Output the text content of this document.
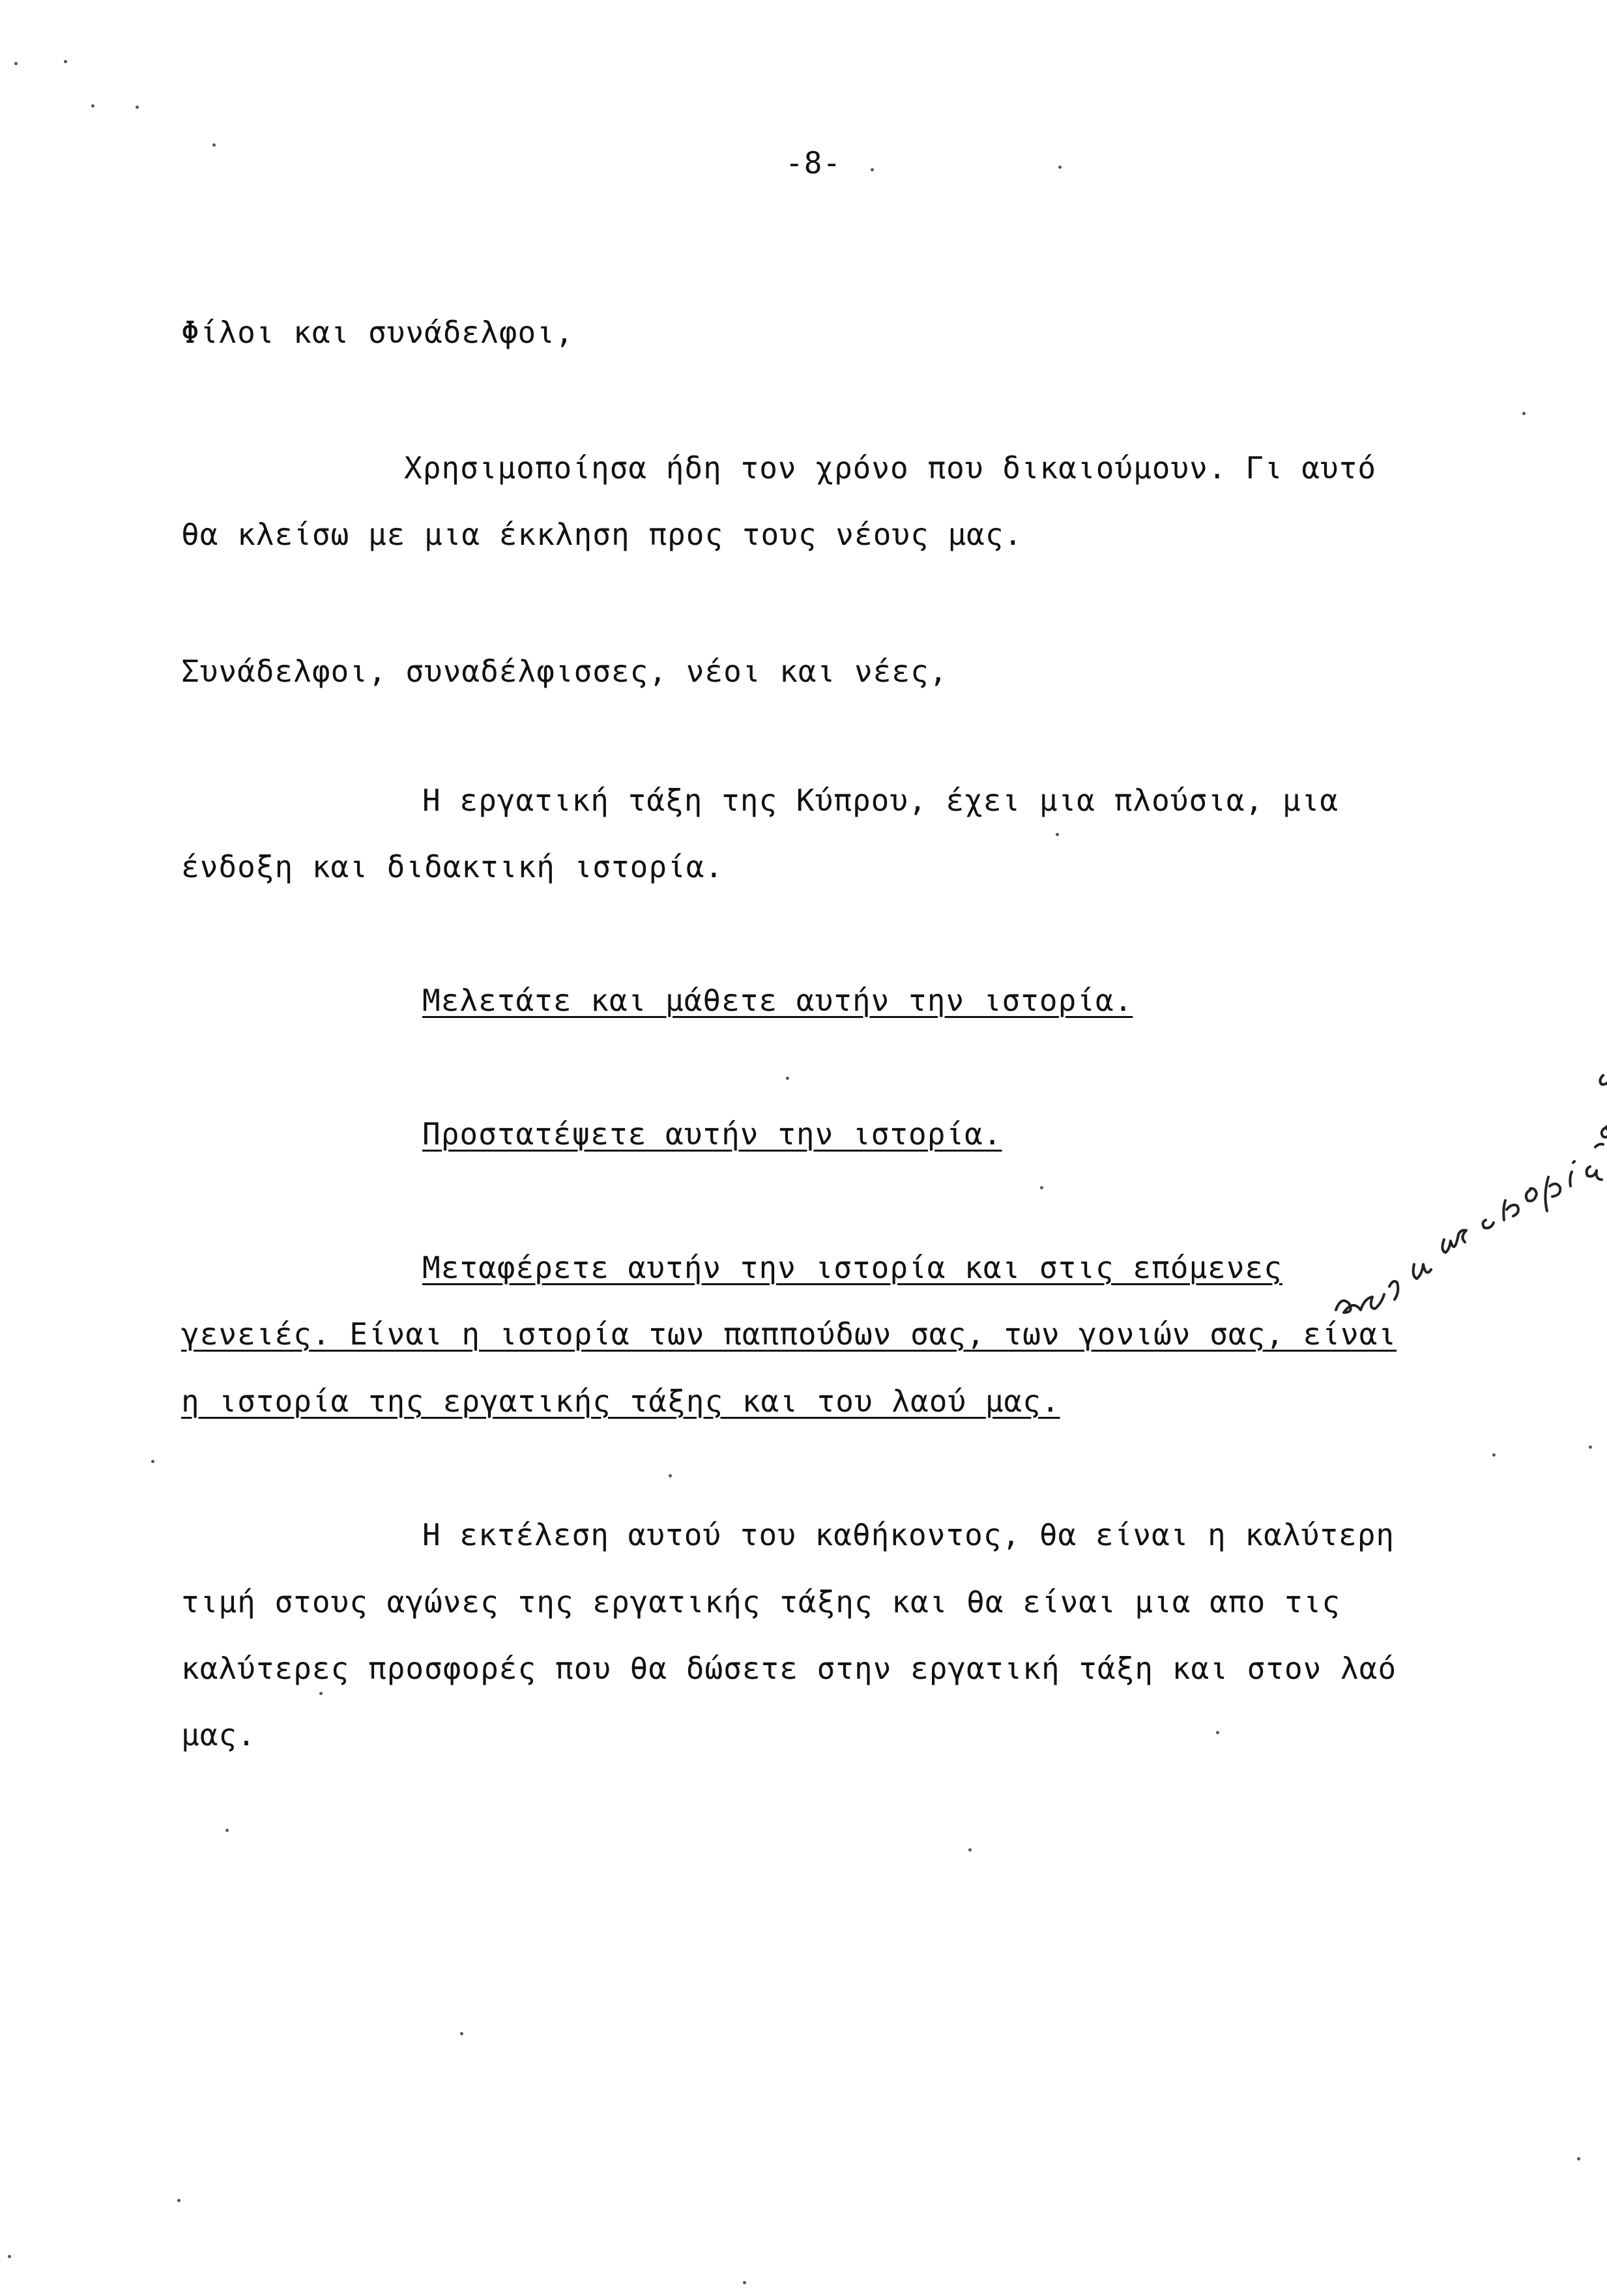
-8-
Φίλοι και συνάδελφοι,
Χρησιμοποίησα ήδη τον χρόνο που δικαιούμουν. Γι αυτό
θα κλείσω με μια έκκληση προς τους νέους μας.
Συνάδελφοι, συναδέλφισσες, νέοι και νέες,
Η εργατική τάξη της Κύπρου, έχει μια πλούσια, μια
ένδοξη και διδακτική ιστορία.
Μελετάτε και μάθετε αυτήν την ιστορία.
Προστατέψετε αυτήν την ιστορία.
Μεταφέρετε αυτήν την ιστορία και στις επόμενες
γενειές. Είναι η ιστορία των παππούδων σας, των γονιών σας, είναι
η ιστορία της εργατικής τάξης και του λαού μας.
Η εκτέλεση αυτού του καθήκοντος, θα είναι η καλύτερη
τιμή στους αγώνες της εργατικής τάξης και θα είναι μια απο τις
καλύτερες προσφορές που θα δώσετε στην εργατική τάξη και στον λαό
μας.
